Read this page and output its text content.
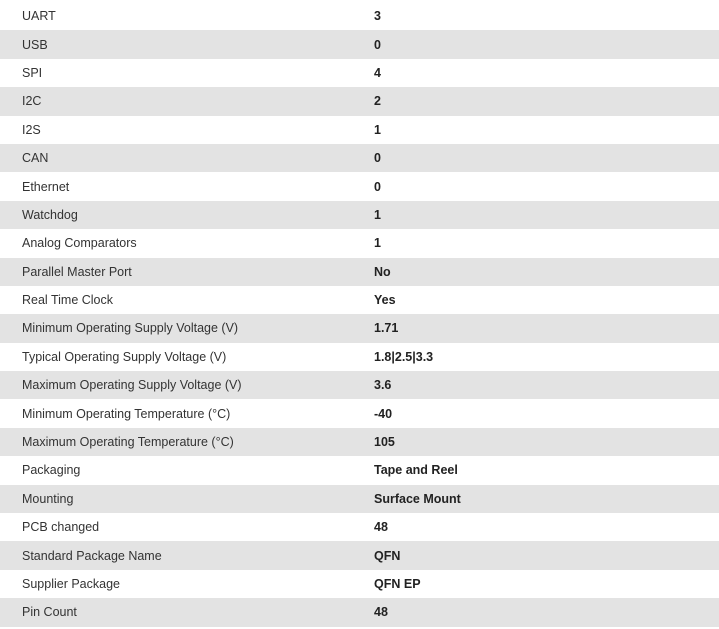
UART	3
USB	0
SPI	4
I2C	2
I2S	1
CAN	0
Ethernet	0
Watchdog	1
Analog Comparators	1
Parallel Master Port	No
Real Time Clock	Yes
Minimum Operating Supply Voltage (V)	1.71
Typical Operating Supply Voltage (V)	1.8|2.5|3.3
Maximum Operating Supply Voltage (V)	3.6
Minimum Operating Temperature (°C)	-40
Maximum Operating Temperature (°C)	105
Packaging	Tape and Reel
Mounting	Surface Mount
PCB changed	48
Standard Package Name	QFN
Supplier Package	QFN EP
Pin Count	48
